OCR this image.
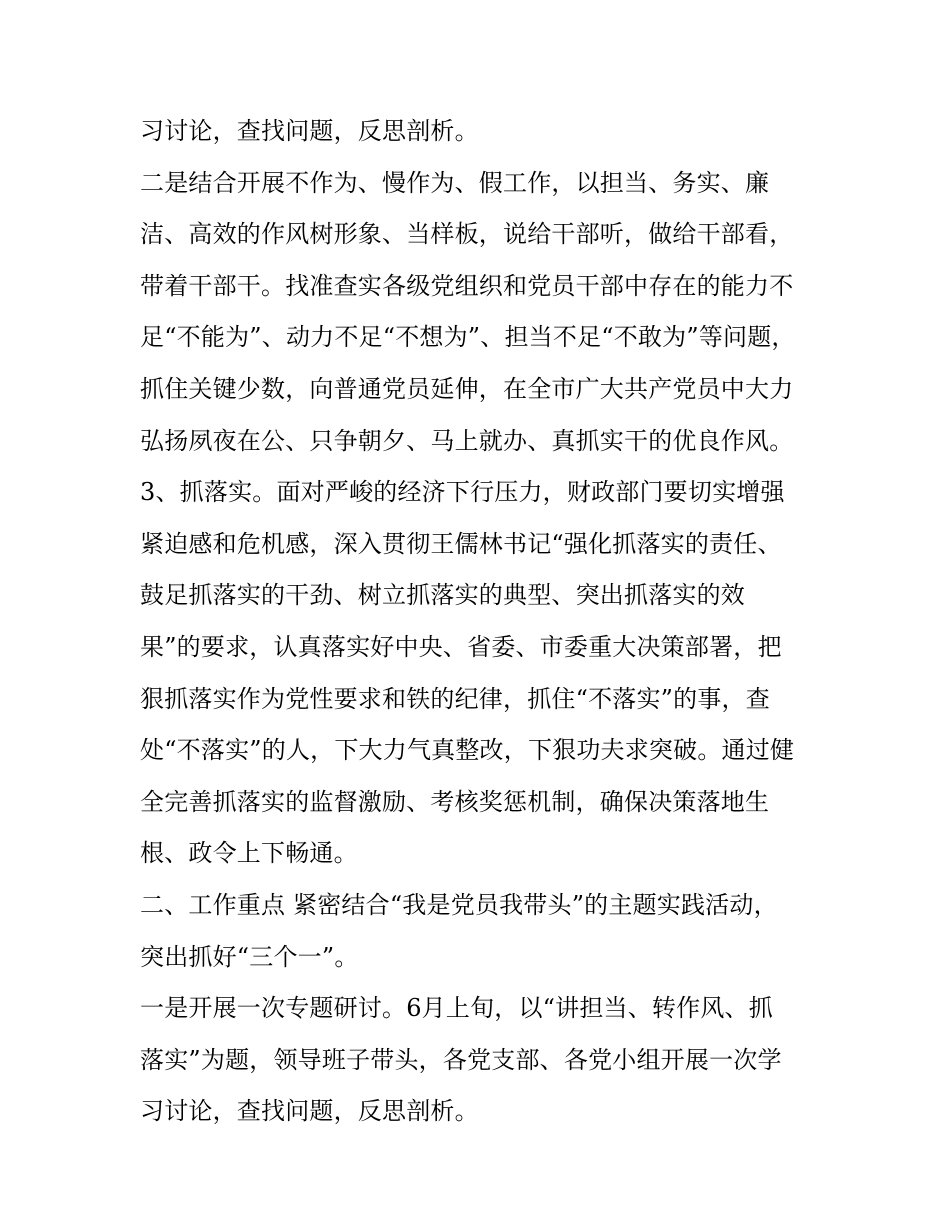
习讨论，查找问题，反思剖析。
二是结合开展不作为、慢作为、假工作，以担当、务实、廉
洁、高效的作风树形象、当样板，说给干部听，做给干部看，
带着干部干。找准查实各级党组织和党员干部中存在的能力不
足“不能为”、动力不足“不想为”、担当不足“不敢为”等问题，
抓住关键少数，向普通党员延伸，在全市广大共产党员中大力
弘扬夙夜在公、只争朝夕、马上就办、真抓实干的优良作风。
3、抓落实。面对严峻的经济下行压力，财政部门要切实增强
紧迫感和危机感，深入贯彻王儒林书记“强化抓落实的责任、
鼓足抓落实的干劲、树立抓落实的典型、突出抓落实的效
果”的要求，认真落实好中央、省委、市委重大决策部署，把
狠抓落实作为党性要求和铁的纪律，抓住“不落实”的事，查
处“不落实”的人，下大力气真整改，下狠功夫求突破。通过健
全完善抓落实的监督激励、考核奖惩机制，确保决策落地生
根、政令上下畅通。
二、工作重点 紧密结合“我是党员我带头”的主题实践活动，
突出抓好“三个一”。
一是开展一次专题研讨。6月上旬，以“讲担当、转作风、抓
落实”为题，领导班子带头，各党支部、各党小组开展一次学
习讨论，查找问题，反思剖析。
